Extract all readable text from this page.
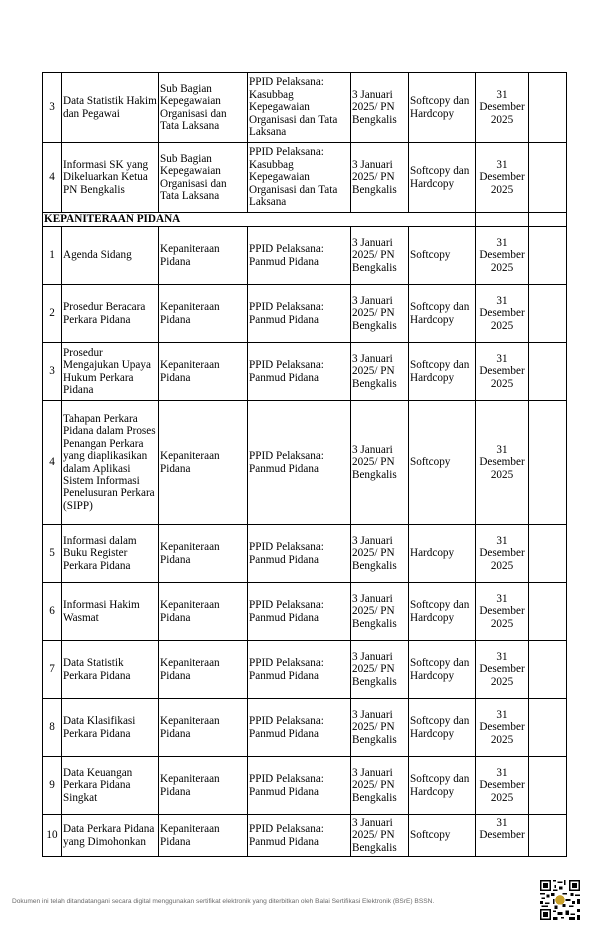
3	Data Statistik Hakim dan Pegawai	Sub Bagian Kepegawaian Organisasi dan Tata Laksana	PPID Pelaksana: Kasubbag Kepegawaian Organisasi dan Tata Laksana	3 Januari 2025/ PN Bengkalis	Softcopy dan Hardcopy	31 Desember 2025	
4	Informasi SK yang Dikeluarkan Ketua PN Bengkalis	Sub Bagian Kepegawaian Organisasi dan Tata Laksana	PPID Pelaksana: Kasubbag Kepegawaian Organisasi dan Tata Laksana	3 Januari 2025/ PN Bengkalis	Softcopy dan Hardcopy	31 Desember 2025	
KEPANITERAAN PIDANA							
1	Agenda Sidang	Kepaniteraan Pidana	PPID Pelaksana: Panmud Pidana	3 Januari 2025/ PN Bengkalis	Softcopy	31 Desember 2025	
2	Prosedur Beracara Perkara Pidana	Kepaniteraan Pidana	PPID Pelaksana: Panmud Pidana	3 Januari 2025/ PN Bengkalis	Softcopy dan Hardcopy	31 Desember 2025	
3	Prosedur Mengajukan Upaya Hukum Perkara Pidana	Kepaniteraan Pidana	PPID Pelaksana: Panmud Pidana	3 Januari 2025/ PN Bengkalis	Softcopy dan Hardcopy	31 Desember 2025	
4	Tahapan Perkara Pidana dalam Proses Penangan Perkara yang diaplikasikan dalam Aplikasi Sistem Informasi Penelusuran Perkara (SIPP)	Kepaniteraan Pidana	PPID Pelaksana: Panmud Pidana	3 Januari 2025/ PN Bengkalis	Softcopy	31 Desember 2025	
5	Informasi dalam Buku Register Perkara Pidana	Kepaniteraan Pidana	PPID Pelaksana: Panmud Pidana	3 Januari 2025/ PN Bengkalis	Hardcopy	31 Desember 2025	
6	Informasi Hakim Wasmat	Kepaniteraan Pidana	PPID Pelaksana: Panmud Pidana	3 Januari 2025/ PN Bengkalis	Softcopy dan Hardcopy	31 Desember 2025	
7	Data Statistik Perkara Pidana	Kepaniteraan Pidana	PPID Pelaksana: Panmud Pidana	3 Januari 2025/ PN Bengkalis	Softcopy dan Hardcopy	31 Desember 2025	
8	Data Klasifikasi Perkara Pidana	Kepaniteraan Pidana	PPID Pelaksana: Panmud Pidana	3 Januari 2025/ PN Bengkalis	Softcopy dan Hardcopy	31 Desember 2025	
9	Data Keuangan Perkara Pidana Singkat	Kepaniteraan Pidana	PPID Pelaksana: Panmud Pidana	3 Januari 2025/ PN Bengkalis	Softcopy dan Hardcopy	31 Desember 2025	
10	Data Perkara Pidana yang Dimohonkan	Kepaniteraan Pidana	PPID Pelaksana: Panmud Pidana	3 Januari 2025/ PN Bengkalis	Softcopy	31 Desember	
Dokumen ini telah ditandatangani secara digital menggunakan sertifikat elektronik yang diterbitkan oleh Balai Sertifikasi Elektronik (BSrE) BSSN.
